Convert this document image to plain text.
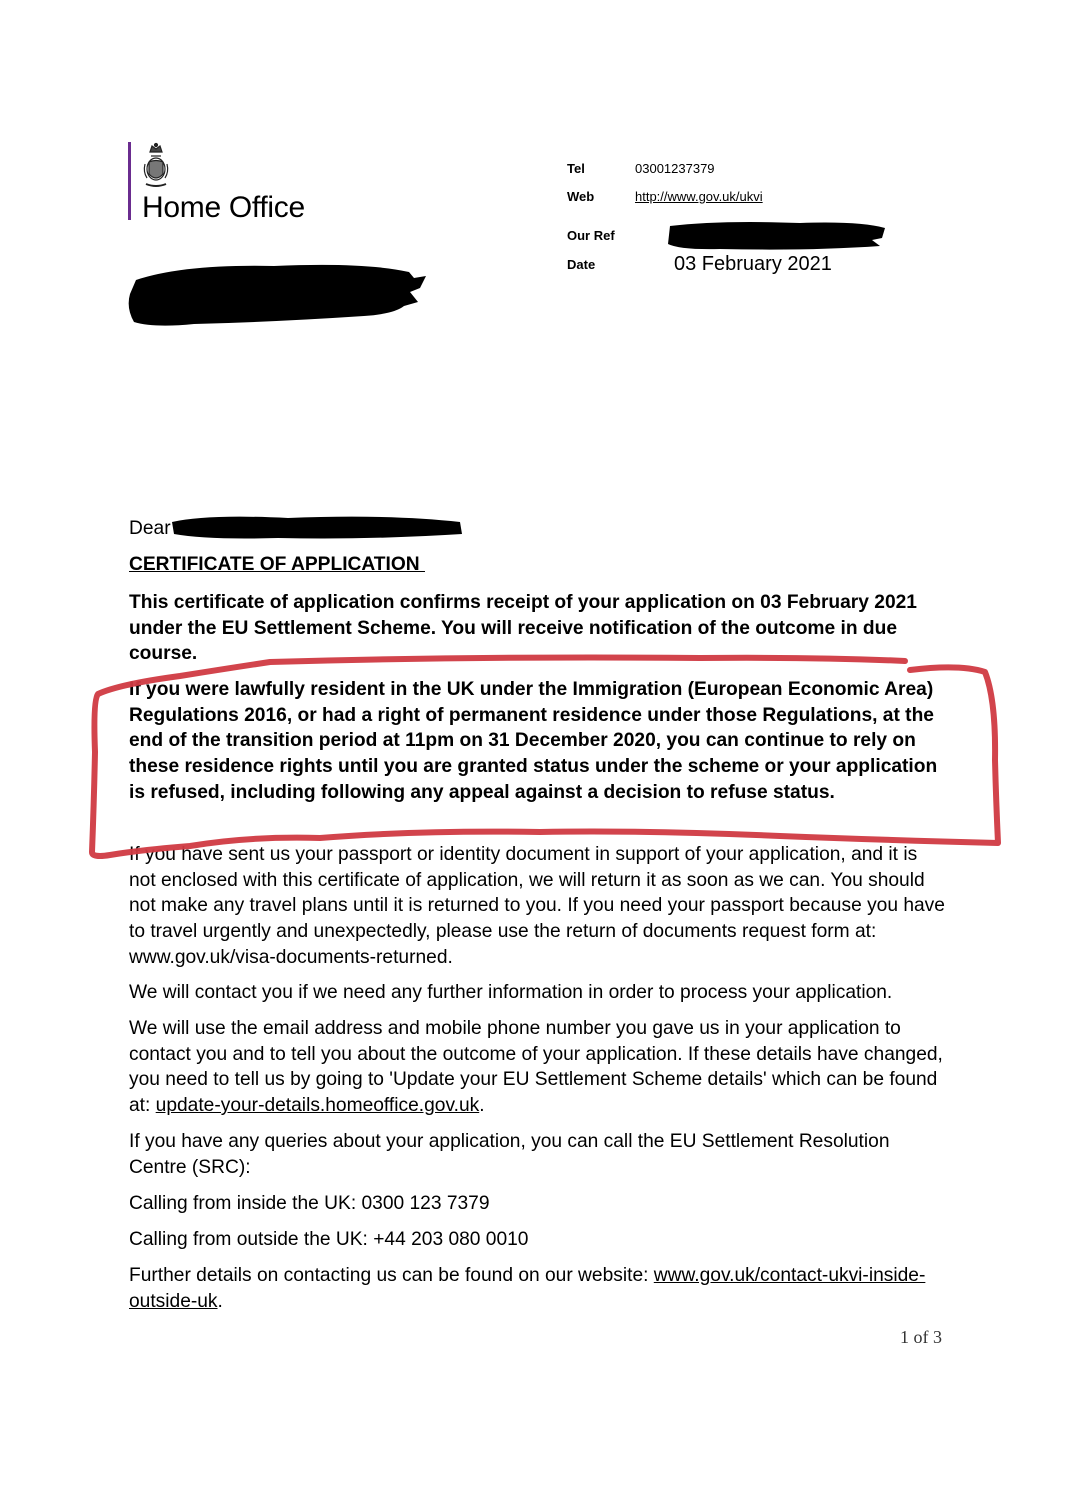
Home Office
Tel	03001237379
Web	http://www.gov.uk/ukvi
Our Ref
Date	03 February 2021
Dear
CERTIFICATE OF APPLICATION
This certificate of application confirms receipt of your application on 03 February 2021 under the EU Settlement Scheme. You will receive notification of the outcome in due course.
If you were lawfully resident in the UK under the Immigration (European Economic Area) Regulations 2016, or had a right of permanent residence under those Regulations, at the end of the transition period at 11pm on 31 December 2020, you can continue to rely on these residence rights until you are granted status under the scheme or your application is refused, including following any appeal against a decision to refuse status.
If you have sent us your passport or identity document in support of your application, and it is not enclosed with this certificate of application, we will return it as soon as we can. You should not make any travel plans until it is returned to you. If you need your passport because you have to travel urgently and unexpectedly, please use the return of documents request form at: www.gov.uk/visa-documents-returned.
We will contact you if we need any further information in order to process your application.
We will use the email address and mobile phone number you gave us in your application to contact you and to tell you about the outcome of your application. If these details have changed, you need to tell us by going to 'Update your EU Settlement Scheme details' which can be found at: update-your-details.homeoffice.gov.uk.
If you have any queries about your application, you can call the EU Settlement Resolution Centre (SRC):
Calling from inside the UK: 0300 123 7379
Calling from outside the UK: +44 203 080 0010
Further details on contacting us can be found on our website: www.gov.uk/contact-ukvi-inside-outside-uk.
1 of 3
